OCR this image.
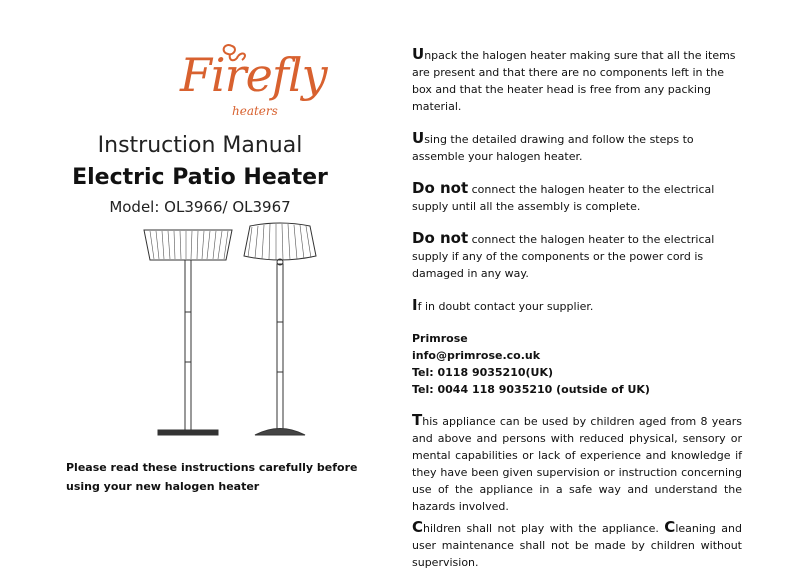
Firefly
heaters
Instruction Manual
Electric Patio Heater
Model: OL3966/ OL3967
Please read these instructions carefully before using your new halogen heater

Unpack the halogen heater making sure that all the items are present and that there are no components left in the box and that the heater head is free from any packing material.

Using the detailed drawing and follow the steps to assemble your halogen heater.

Do not connect the halogen heater to the electrical supply until all the assembly is complete.

Do not connect the halogen heater to the electrical supply if any of the components or the power cord is damaged in any way.

If in doubt contact your supplier.

Primrose
info@primrose.co.uk
Tel: 0118 9035210(UK)
Tel: 0044 118 9035210 (outside of UK)

This appliance can be used by children aged from 8 years and above and persons with reduced physical, sensory or mental capabilities or lack of experience and knowledge if they have been given supervision or instruction concerning use of the appliance in a safe way and understand the hazards involved.

Children shall not play with the appliance. Cleaning and user maintenance shall not be made by children without supervision.
